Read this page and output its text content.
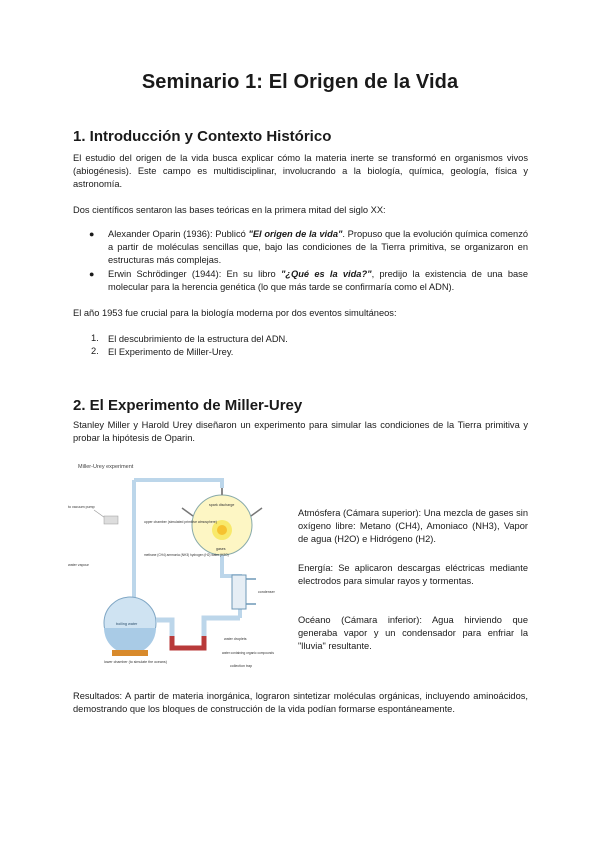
Seminario 1: El Origen de la Vida
1. Introducción y Contexto Histórico

El estudio del origen de la vida busca explicar cómo la materia inerte se transformó en organismos vivos (abiogénesis). Este campo es multidisciplinar, involucrando a la biología, química, geología, física y astronomía.

Dos científicos sentaron las bases teóricas en la primera mitad del siglo XX:

● Alexander Oparin (1936): Publicó "El origen de la vida". Propuso que la evolución química comenzó a partir de moléculas sencillas que, bajo las condiciones de la Tierra primitiva, se organizaron en estructuras más complejas.

● Erwin Schrödinger (1944): En su libro "¿Qué es la vida?", predijo la existencia de una base molecular para la herencia genética (lo que más tarde se confirmaría como el ADN).

El año 1953 fue crucial para la biología moderna por dos eventos simultáneos:

1. El descubrimiento de la estructura del ADN.

2. El Experimento de Miller-Urey.

2. El Experimento de Miller-Urey

Stanley Miller y Harold Urey diseñaron un experimento para simular las condiciones de la Tierra primitiva y probar la hipótesis de Oparin.

Miller-Urey experiment
spark discharge
gases
condenser
boiling water
lower chamber (to simulate the oceans)
to vacuum pump
upper chamber (simulated primitive atmosphere)
methane (CH4) ammonia (NH3) hydrogen (H2) water (H2O)
water vapour
water droplets
water containing organic compounds
collection trap

Atmósfera (Cámara superior): Una mezcla de gases sin oxígeno libre: Metano (CH4), Amoniaco (NH3), Vapor de agua (H2O) e Hidrógeno (H2).

Energía: Se aplicaron descargas eléctricas mediante electrodos para simular rayos y tormentas.

Océano (Cámara inferior): Agua hirviendo que generaba vapor y un condensador para enfriar la "lluvia" resultante.

Resultados: A partir de materia inorgánica, lograron sintetizar moléculas orgánicas, incluyendo aminoácidos, demostrando que los bloques de construcción de la vida podían formarse espontáneamente.
